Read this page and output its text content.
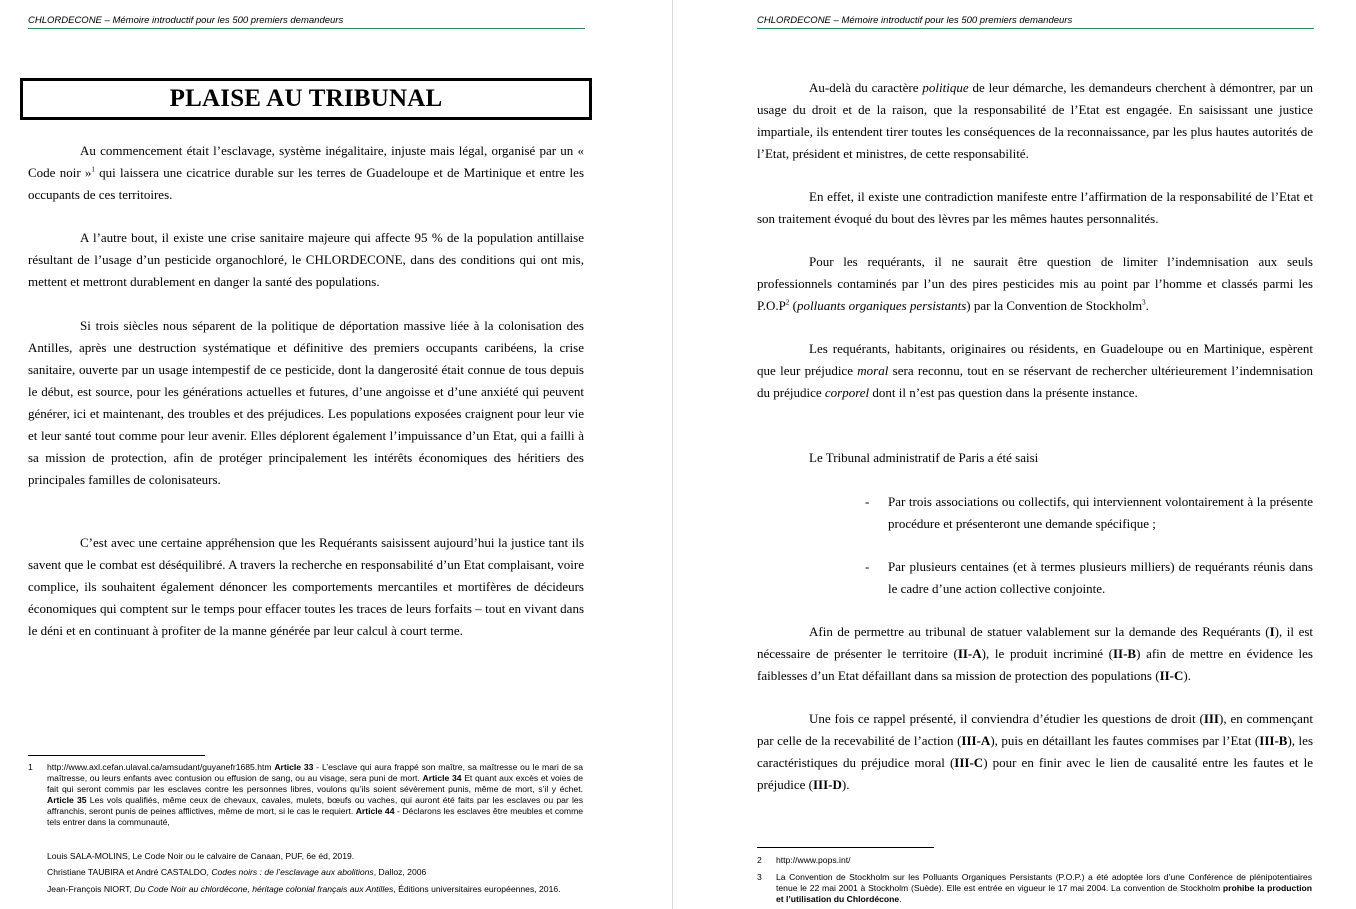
CHLORDECONE – Mémoire introductif pour les 500 premiers demandeurs
PLAISE AU TRIBUNAL

Au commencement était l’esclavage, système inégalitaire, injuste mais légal, organisé par un « Code noir »$^1$ qui laissera une cicatrice durable sur les terres de Guadeloupe et de Martinique et entre les occupants de ces territoires.

A l’autre bout, il existe une crise sanitaire majeure qui affecte 95 % de la population antillaise résultant de l’usage d’un pesticide organochloré, le CHLORDECONE, dans des conditions qui ont mis, mettent et mettront durablement en danger la santé des populations.

Si trois siècles nous séparent de la politique de déportation massive liée à la colonisation des Antilles, après une destruction systématique et définitive des premiers occupants caribéens, la crise sanitaire, ouverte par un usage intempestif de ce pesticide, dont la dangerosité était connue de tous depuis le début, est source, pour les générations actuelles et futures, d’une angoisse et d’une anxiété qui peuvent générer, ici et maintenant, des troubles et des préjudices. Les populations exposées craignent pour leur vie et leur santé tout comme pour leur avenir. Elles déplorent également l’impuissance d’un Etat, qui a failli à sa mission de protection, afin de protéger principalement les intérêts économiques des héritiers des principales familles de colonisateurs.

C’est avec une certaine appréhension que les Requérants saisissent aujourd’hui la justice tant ils savent que le combat est déséquilibré. A travers la recherche en responsabilité d’un Etat complaisant, voire complice, ils souhaitent également dénoncer les comportements mercantiles et mortifères de décideurs économiques qui comptent sur le temps pour effacer toutes les traces de leurs forfaits – tout en vivant dans le déni et en continuant à profiter de la manne générée par leur calcul à court terme.

1 http://www.axl.cefan.ulaval.ca/amsudant/guyanefr1685.htm Article 33 - L’esclave qui aura frappé son maître, sa maîtresse ou le mari de sa maîtresse, ou leurs enfants avec contusion ou effusion de sang, ou au visage, sera puni de mort. Article 34 Et quant aux excès et voies de fait qui seront commis par les esclaves contre les personnes libres, voulons qu’ils soient sévèrement punis, même de mort, s’il y échet. Article 35 Les vols qualifiés, même ceux de chevaux, cavales, mulets, bœufs ou vaches, qui auront été faits par les esclaves ou par les affranchis, seront punis de peines afflictives, même de mort, si le cas le requiert. Article 44 - Déclarons les esclaves être meubles et comme tels entrer dans la communauté,

Louis SALA-MOLINS, Le Code Noir ou le calvaire de Canaan, PUF, 6e éd, 2019.

Christiane TAUBIRA et André CASTALDO, Codes noirs : de l’esclavage aux abolitions, Dalloz, 2006

Jean-François NIORT, Du Code Noir au chlordécone, héritage colonial français aux Antilles, Éditions universitaires européennes, 2016.

CHLORDECONE – Mémoire introductif pour les 500 premiers demandeurs

Au-delà du caractère politique de leur démarche, les demandeurs cherchent à démontrer, par un usage du droit et de la raison, que la responsabilité de l’Etat est engagée. En saisissant une justice impartiale, ils entendent tirer toutes les conséquences de la reconnaissance, par les plus hautes autorités de l’Etat, président et ministres, de cette responsabilité.

En effet, il existe une contradiction manifeste entre l’affirmation de la responsabilité de l’Etat et son traitement évoqué du bout des lèvres par les mêmes hautes personnalités.

Pour les requérants, il ne saurait être question de limiter l’indemnisation aux seuls professionnels contaminés par l’un des pires pesticides mis au point par l’homme et classés parmi les $P.O.P^2$ (polluants organiques persistants) par la Convention de Stockholm$^3$.

Les requérants, habitants, originaires ou résidents, en Guadeloupe ou en Martinique, espèrent que leur préjudice moral sera reconnu, tout en se réservant de rechercher ultérieurement l’indemnisation du préjudice corporel dont il n’est pas question dans la présente instance.

Le Tribunal administratif de Paris a été saisi

- Par trois associations ou collectifs, qui interviennent volontairement à la présente procédure et présenteront une demande spécifique ;

- Par plusieurs centaines (et à termes plusieurs milliers) de requérants réunis dans le cadre d’une action collective conjointe.

Afin de permettre au tribunal de statuer valablement sur la demande des Requérants (I), il est nécessaire de présenter le territoire (II-A), le produit incriminé (II-B) afin de mettre en évidence les faiblesses d’un Etat défaillant dans sa mission de protection des populations (II-C).

Une fois ce rappel présenté, il conviendra d’étudier les questions de droit (III), en commençant par celle de la recevabilité de l’action (III-A), puis en détaillant les fautes commises par l’Etat (III-B), les caractéristiques du préjudice moral (III-C) pour en finir avec le lien de causalité entre les fautes et le préjudice (III-D).

2 http://www.pops.int/

3 La Convention de Stockholm sur les Polluants Organiques Persistants (P.O.P.) a été adoptée lors d’une Conférence de plénipotentiaires tenue le 22 mai 2001 à Stockholm (Suède). Elle est entrée en vigueur le 17 mai 2004. La convention de Stockholm prohibe la production et l’utilisation du Chlordécone.
